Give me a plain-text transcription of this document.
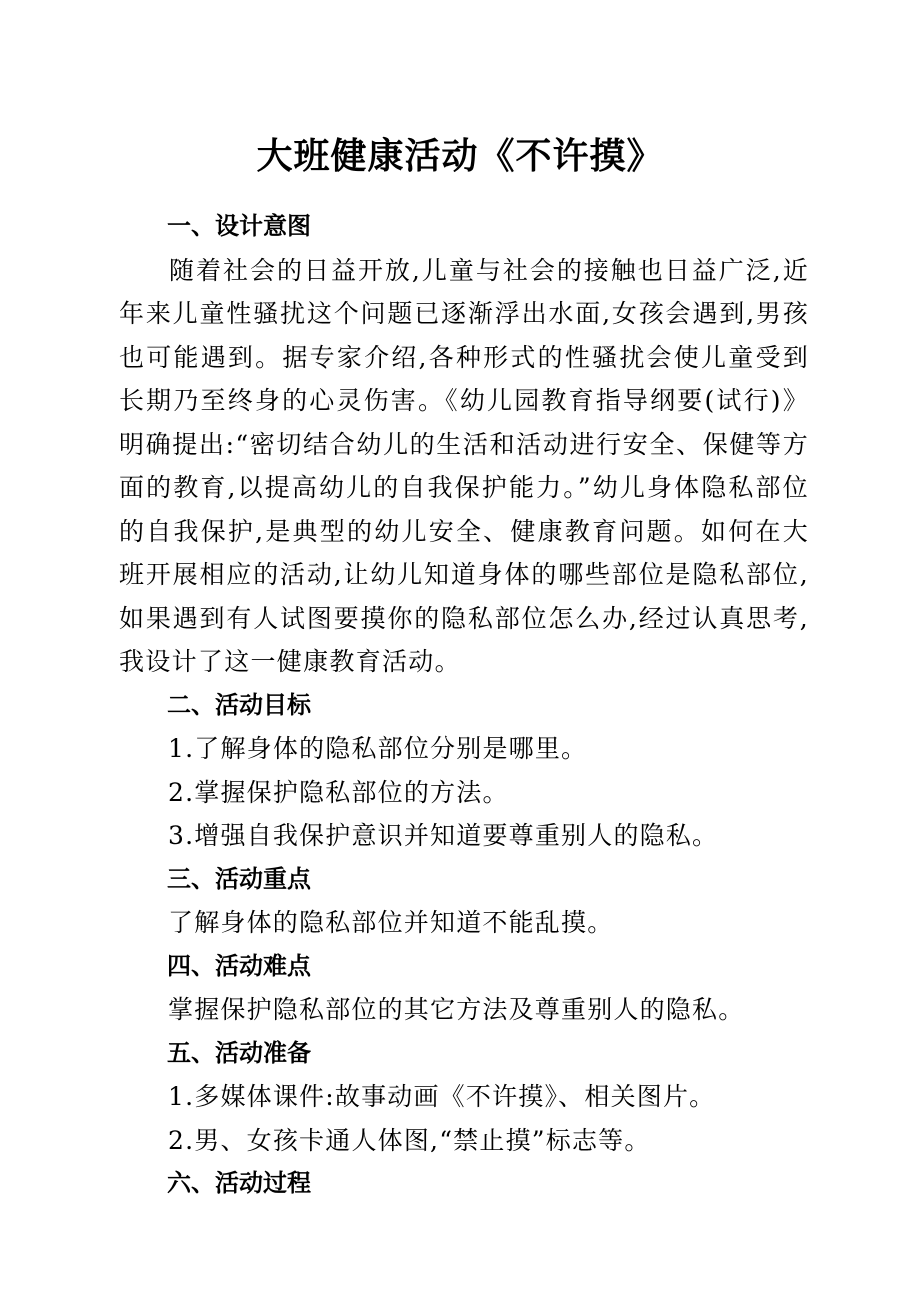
大班健康活动《不许摸》
一、设计意图
随着社会的日益开放,儿童与社会的接触也日益广泛,近年来儿童性骚扰这个问题已逐渐浮出水面,女孩会遇到,男孩也可能遇到。据专家介绍,各种形式的性骚扰会使儿童受到长期乃至终身的心灵伤害。《幼儿园教育指导纲要(试行)》明确提出:“密切结合幼儿的生活和活动进行安全、保健等方面的教育,以提高幼儿的自我保护能力。”幼儿身体隐私部位的自我保护,是典型的幼儿安全、健康教育问题。如何在大班开展相应的活动,让幼儿知道身体的哪些部位是隐私部位,如果遇到有人试图要摸你的隐私部位怎么办,经过认真思考,我设计了这一健康教育活动。
二、活动目标
1.了解身体的隐私部位分别是哪里。
2.掌握保护隐私部位的方法。
3.增强自我保护意识并知道要尊重别人的隐私。
三、活动重点
了解身体的隐私部位并知道不能乱摸。
四、活动难点
掌握保护隐私部位的其它方法及尊重别人的隐私。
五、活动准备
1.多媒体课件:故事动画《不许摸》、相关图片。
2.男、女孩卡通人体图,“禁止摸”标志等。
六、活动过程
